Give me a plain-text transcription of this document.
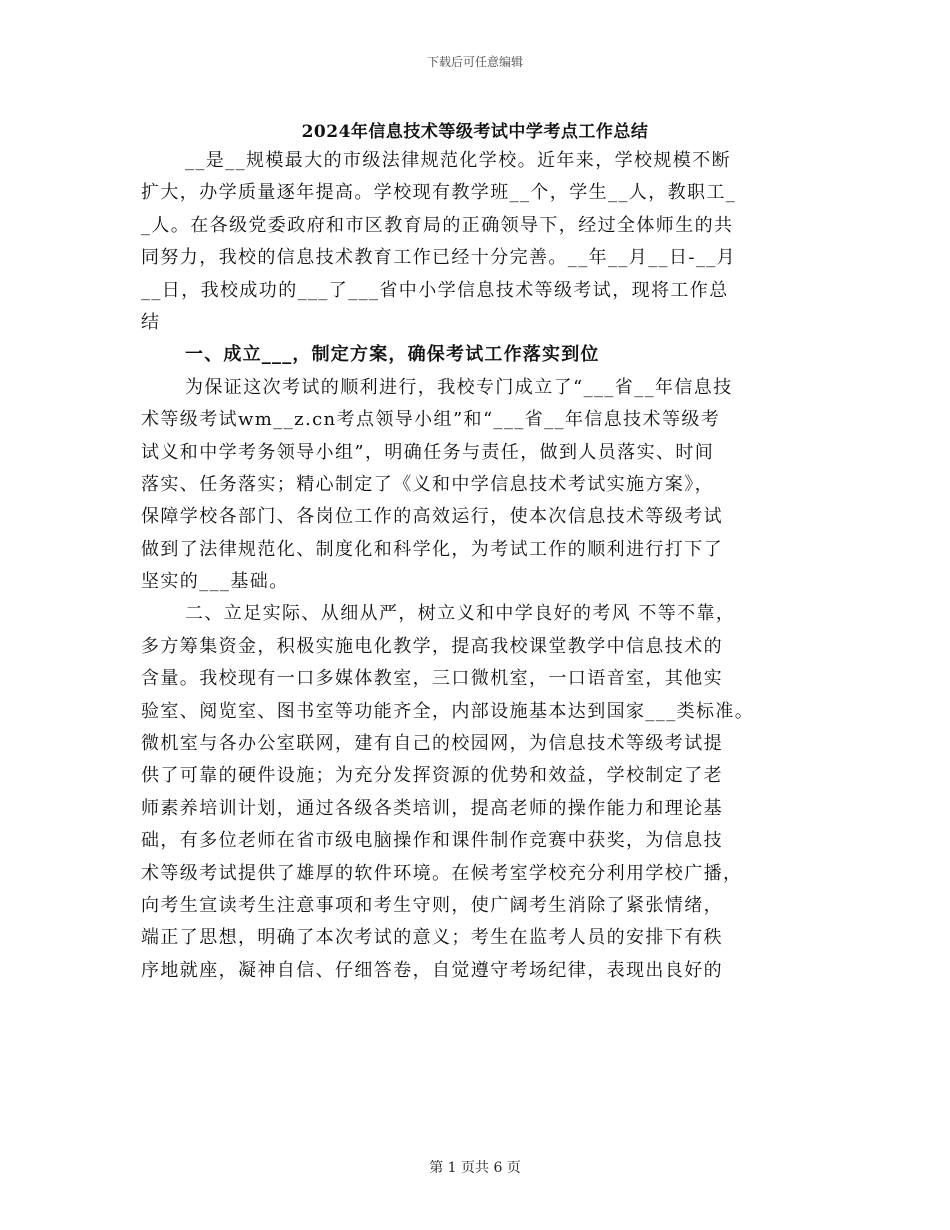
下载后可任意编辑
2024年信息技术等级考试中学考点工作总结
__是__规模最大的市级法律规范化学校。近年来，学校规模不断
扩大，办学质量逐年提高。学校现有教学班__个，学生__人，教职工_
_人。在各级党委政府和市区教育局的正确领导下，经过全体师生的共
同努力，我校的信息技术教育工作已经十分完善。__年__月__日-__月
__日，我校成功的___了___省中小学信息技术等级考试，现将工作总
结
一、成立___，制定方案，确保考试工作落实到位
为保证这次考试的顺利进行，我校专门成立了“___省__年信息技
术等级考试wm__z.cn考点领导小组”和“___省__年信息技术等级考
试义和中学考务领导小组”，明确任务与责任，做到人员落实、时间
落实、任务落实；精心制定了《义和中学信息技术考试实施方案》，
保障学校各部门、各岗位工作的高效运行，使本次信息技术等级考试
做到了法律规范化、制度化和科学化，为考试工作的顺利进行打下了
坚实的___基础。
二、立足实际、从细从严，树立义和中学良好的考风 不等不靠，
多方筹集资金，积极实施电化教学，提高我校课堂教学中信息技术的
含量。我校现有一口多媒体教室，三口微机室，一口语音室，其他实
验室、阅览室、图书室等功能齐全，内部设施基本达到国家___类标准。
微机室与各办公室联网，建有自己的校园网，为信息技术等级考试提
供了可靠的硬件设施；为充分发挥资源的优势和效益，学校制定了老
师素养培训计划，通过各级各类培训，提高老师的操作能力和理论基
础，有多位老师在省市级电脑操作和课件制作竞赛中获奖，为信息技
术等级考试提供了雄厚的软件环境。在候考室学校充分利用学校广播，
向考生宣读考生注意事项和考生守则，使广阔考生消除了紧张情绪，
端正了思想，明确了本次考试的意义；考生在监考人员的安排下有秩
序地就座，凝神自信、仔细答卷，自觉遵守考场纪律，表现出良好的
第 1 页共 6 页
